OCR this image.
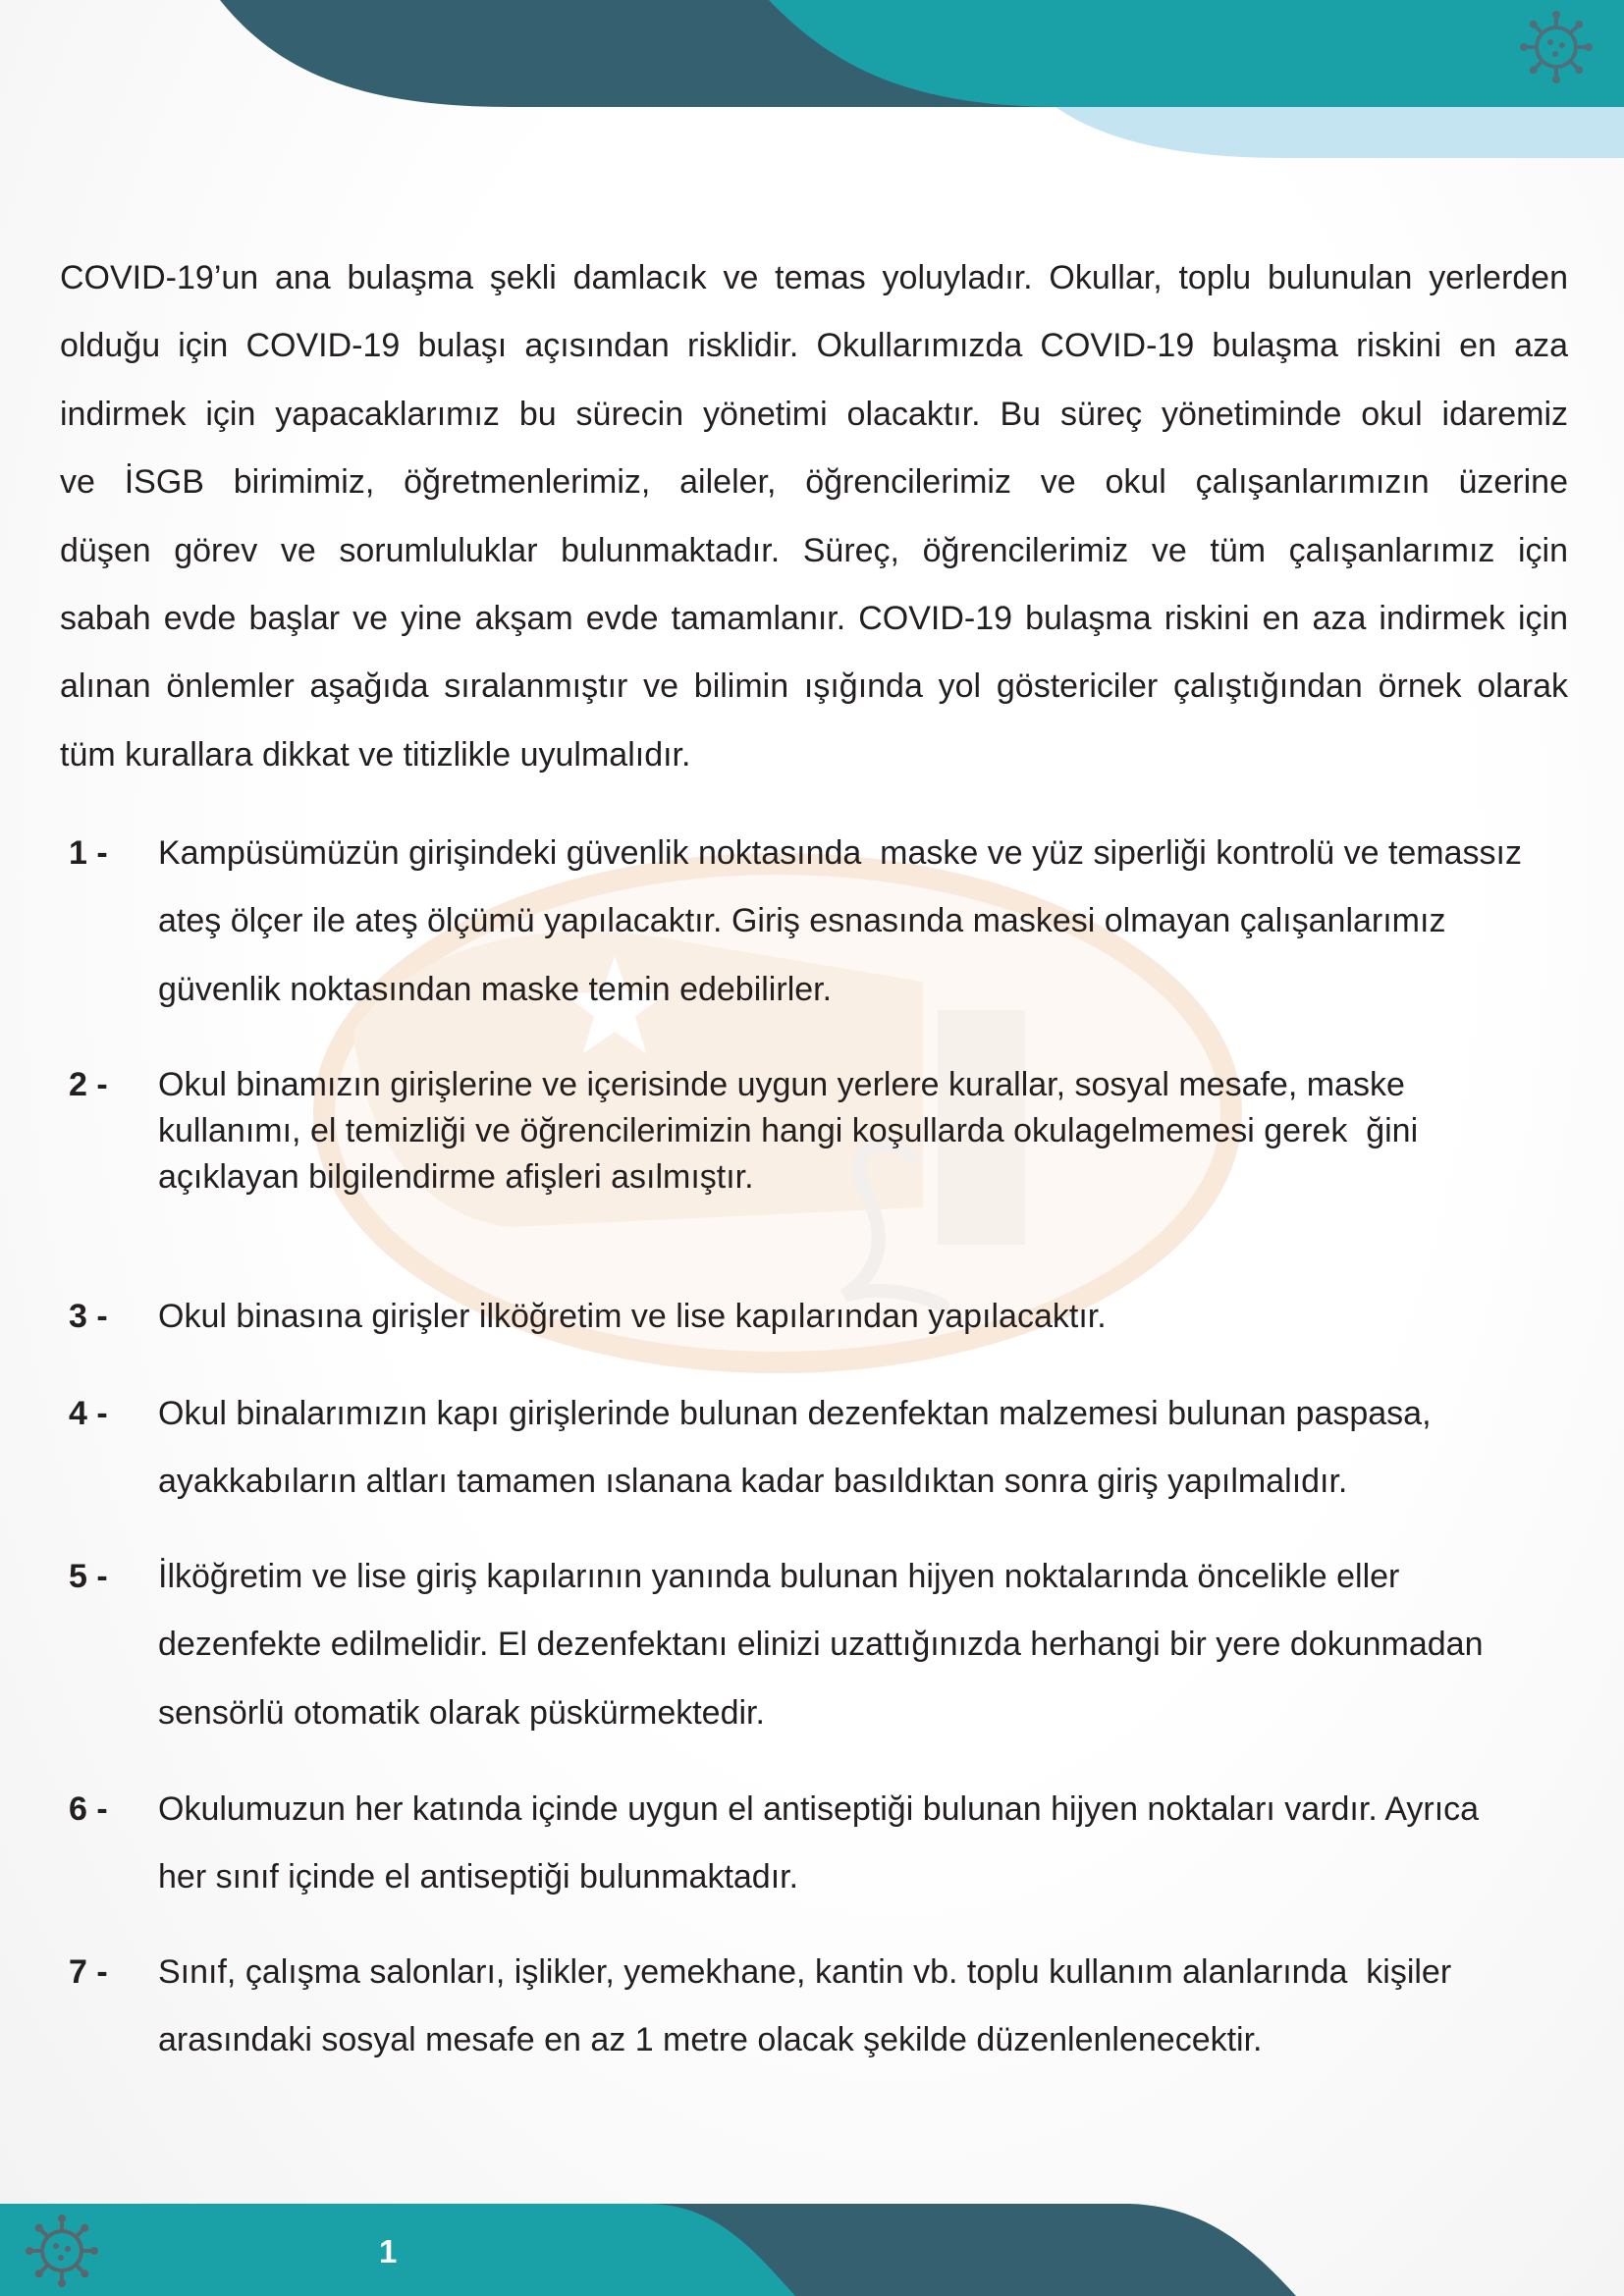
COVID-19’un ana bulaşma şekli damlacık ve temas yoluyladır. Okullar, toplu bulunulan yerlerden
olduğu için COVID-19 bulaşı açısından risklidir. Okullarımızda COVID-19 bulaşma riskini en aza
indirmek için yapacaklarımız bu sürecin yönetimi olacaktır. Bu süreç yönetiminde okul idaremiz
ve İSGB birimimiz, öğretmenlerimiz, aileler, öğrencilerimiz ve okul çalışanlarımızın üzerine
düşen görev ve sorumluluklar bulunmaktadır. Süreç, öğrencilerimiz ve tüm çalışanlarımız için
sabah evde başlar ve yine akşam evde tamamlanır. COVID-19 bulaşma riskini en aza indirmek için
alınan önlemler aşağıda sıralanmıştır ve bilimin ışığında yol göstericiler çalıştığından örnek olarak
tüm kurallara dikkat ve titizlikle uyulmalıdır.
1 - Kampüsümüzün girişindeki güvenlik noktasında  maske ve yüz siperliği kontrolü ve temassız
ateş ölçer ile ateş ölçümü yapılacaktır. Giriş esnasında maskesi olmayan çalışanlarımız
güvenlik noktasından maske temin edebilirler.
2 - Okul binamızın girişlerine ve içerisinde uygun yerlere kurallar, sosyal mesafe, maske
kullanımı, el temizliği ve öğrencilerimizin hangi koşullarda okulagelmemesi gerek  ğini
açıklayan bilgilendirme afişleri asılmıştır.
3 - Okul binasına girişler ilköğretim ve lise kapılarından yapılacaktır.
4 - Okul binalarımızın kapı girişlerinde bulunan dezenfektan malzemesi bulunan paspasa,
ayakkabıların altları tamamen ıslanana kadar basıldıktan sonra giriş yapılmalıdır.
5 - İlköğretim ve lise giriş kapılarının yanında bulunan hijyen noktalarında öncelikle eller
dezenfekte edilmelidir. El dezenfektanı elinizi uzattığınızda herhangi bir yere dokunmadan
sensörlü otomatik olarak püskürmektedir.
6 - Okulumuzun her katında içinde uygun el antiseptiği bulunan hijyen noktaları vardır. Ayrıca
her sınıf içinde el antiseptiği bulunmaktadır.
7 - Sınıf, çalışma salonları, işlikler, yemekhane, kantin vb. toplu kullanım alanlarında  kişiler
arasındaki sosyal mesafe en az 1 metre olacak şekilde düzenlenlenecektir.
1
